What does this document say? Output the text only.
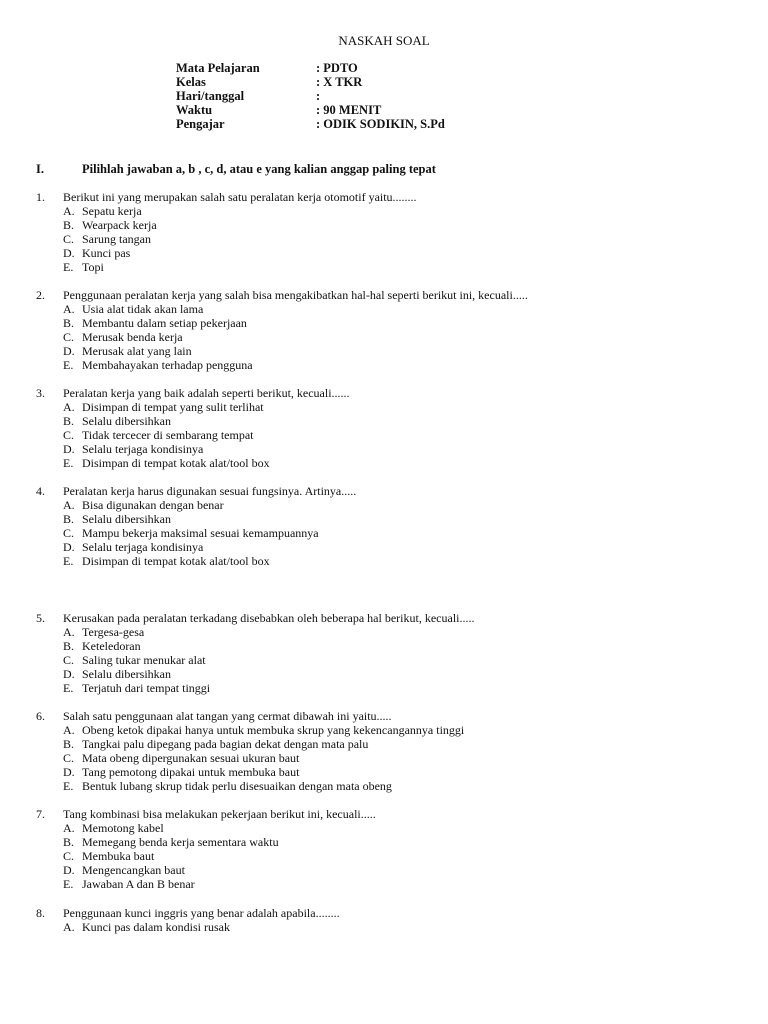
NASKAH SOAL
Mata Pelajaran	: PDTO
Kelas	: X TKR
Hari/tanggal	:
Waktu	: 90 MENIT
Pengajar	: ODIK SODIKIN, S.Pd
I.	Pilihlah jawaban a, b , c, d, atau e yang kalian anggap paling tepat
1. Berikut ini yang merupakan salah satu peralatan kerja otomotif yaitu........
A. Sepatu kerja
B. Wearpack kerja
C. Sarung tangan
D. Kunci pas
E. Topi
2. Penggunaan peralatan kerja yang salah bisa mengakibatkan hal-hal seperti berikut ini, kecuali.....
A. Usia alat tidak akan lama
B. Membantu dalam setiap pekerjaan
C. Merusak benda kerja
D. Merusak alat yang lain
E. Membahayakan terhadap pengguna
3. Peralatan kerja yang baik adalah seperti berikut, kecuali......
A. Disimpan di tempat yang sulit terlihat
B. Selalu dibersihkan
C. Tidak tercecer di sembarang tempat
D. Selalu terjaga kondisinya
E. Disimpan di tempat kotak alat/tool box
4. Peralatan kerja harus digunakan sesuai fungsinya. Artinya.....
A. Bisa digunakan dengan benar
B. Selalu dibersihkan
C. Mampu bekerja maksimal sesuai kemampuannya
D. Selalu terjaga kondisinya
E. Disimpan di tempat kotak alat/tool box
5. Kerusakan pada peralatan terkadang disebabkan oleh beberapa hal berikut, kecuali.....
A. Tergesa-gesa
B. Keteledoran
C. Saling tukar menukar alat
D. Selalu dibersihkan
E. Terjatuh dari tempat tinggi
6. Salah satu penggunaan alat tangan yang cermat dibawah ini yaitu.....
A. Obeng ketok dipakai hanya untuk membuka skrup yang kekencangannya tinggi
B. Tangkai palu dipegang pada bagian dekat dengan mata palu
C. Mata obeng dipergunakan sesuai ukuran baut
D. Tang pemotong dipakai untuk membuka baut
E. Bentuk lubang skrup tidak perlu disesuaikan dengan mata obeng
7. Tang kombinasi bisa melakukan pekerjaan berikut ini, kecuali.....
A. Memotong kabel
B. Memegang benda kerja sementara waktu
C. Membuka baut
D. Mengencangkan baut
E. Jawaban A dan B benar
8. Penggunaan kunci inggris yang benar adalah apabila........
A. Kunci pas dalam kondisi rusak
